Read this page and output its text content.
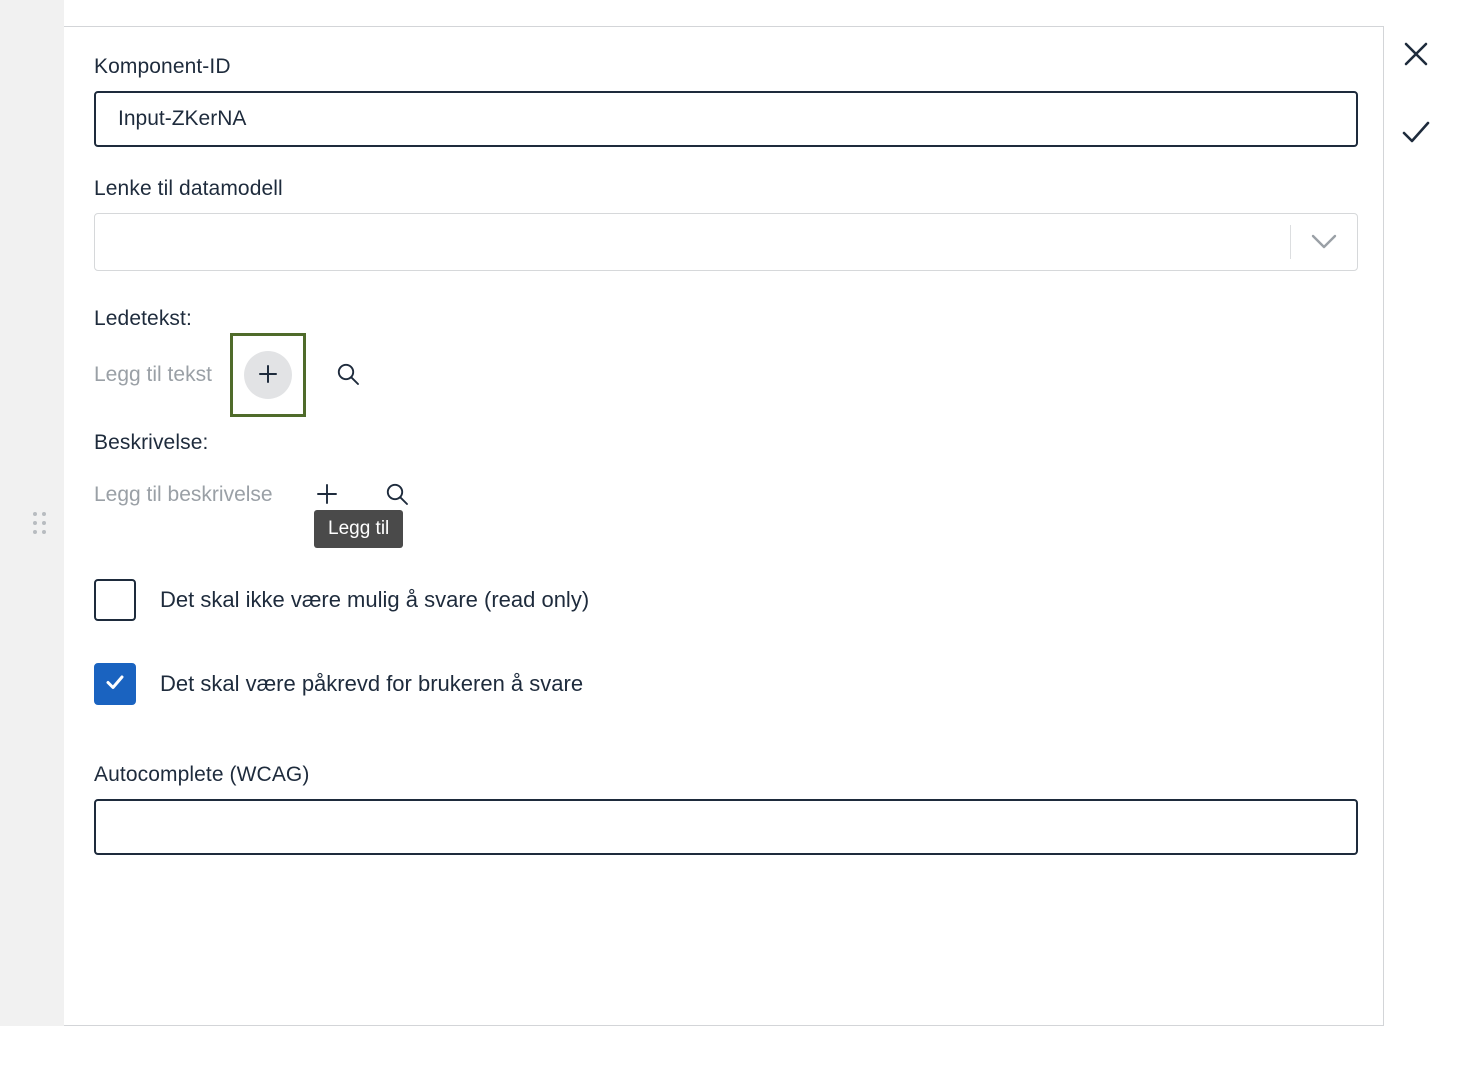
Komponent-ID
Input-ZKerNA
Lenke til datamodell
Ledetekst:
Legg til tekst
Beskrivelse:
Legg til beskrivelse
Det skal ikke være mulig å svare (read only)
Det skal være påkrevd for brukeren å svare
Autocomplete (WCAG)
Legg til
